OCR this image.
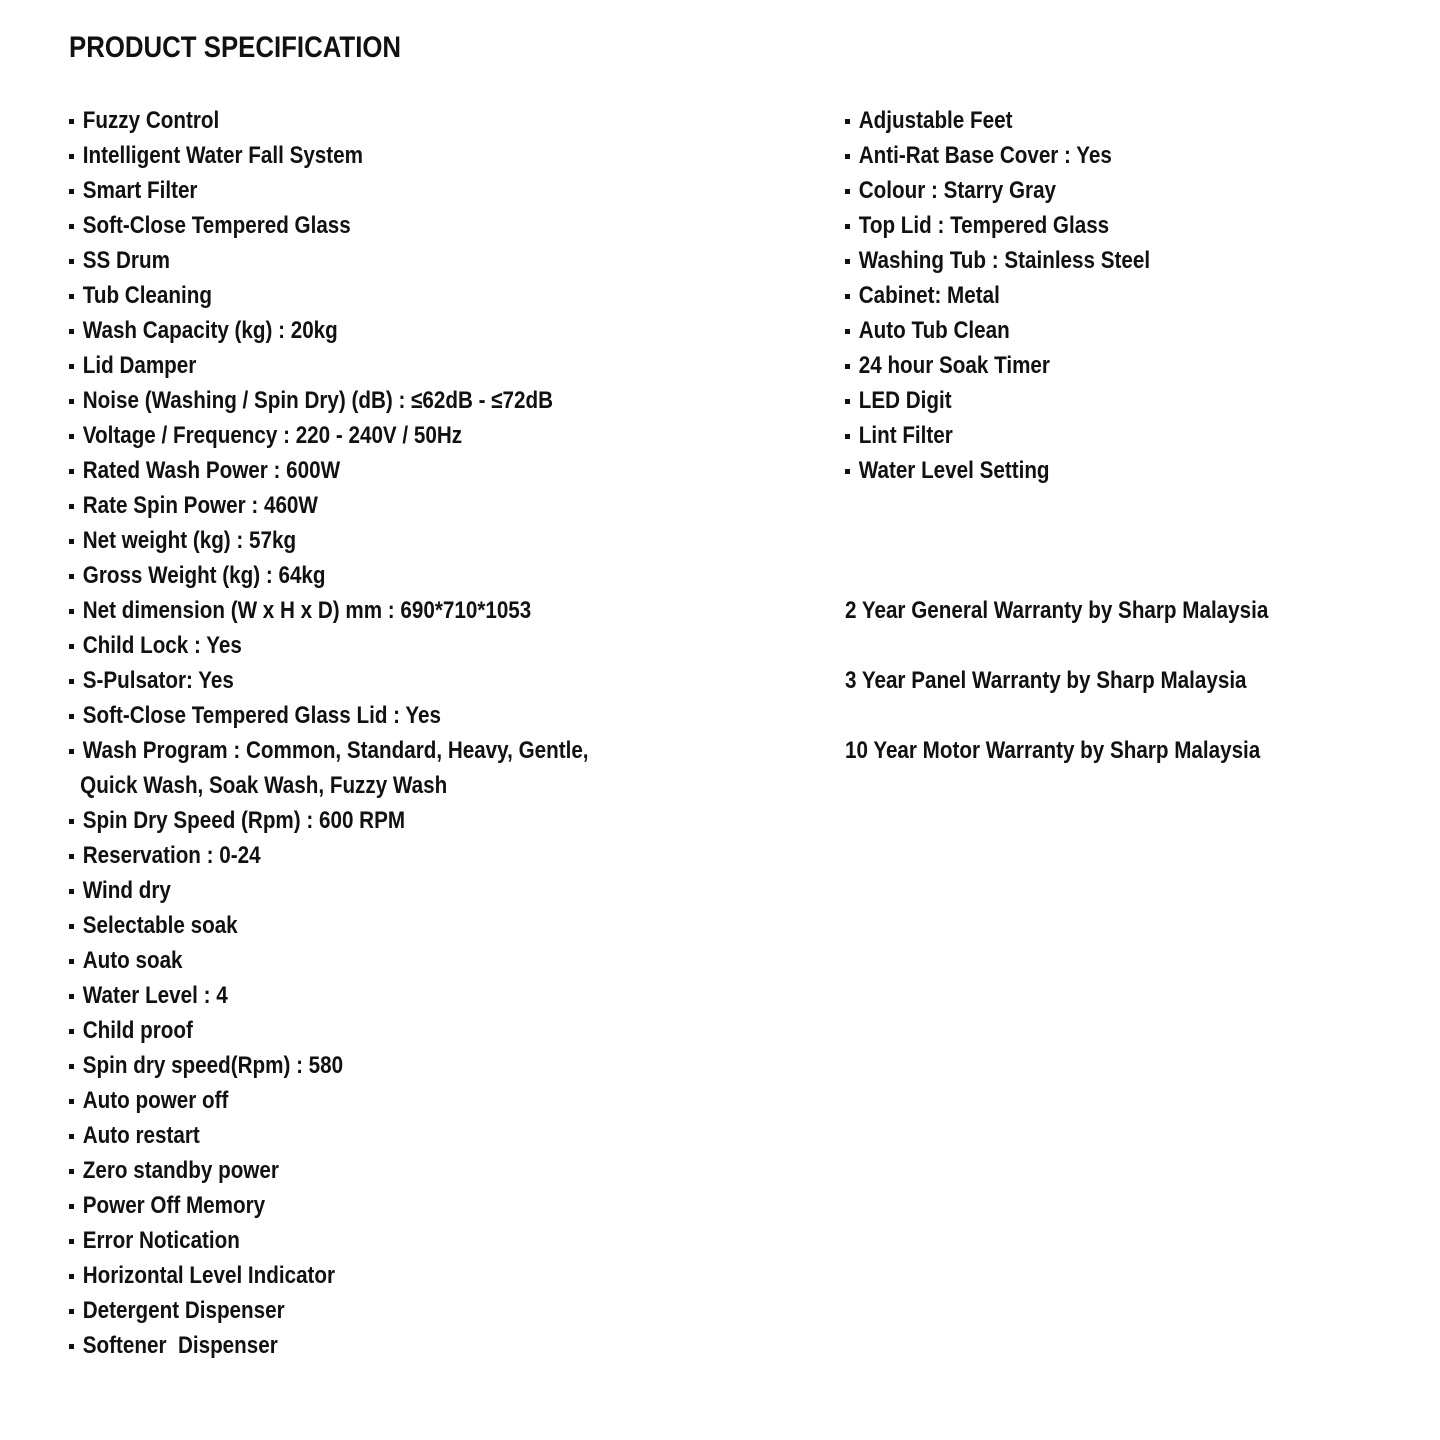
PRODUCT SPECIFICATION
Fuzzy Control
Intelligent Water Fall System
Smart Filter
Soft-Close Tempered Glass
SS Drum
Tub Cleaning
Wash Capacity (kg) : 20kg
Lid Damper
Noise (Washing / Spin Dry) (dB) : ≤62dB - ≤72dB
Voltage / Frequency : 220 - 240V / 50Hz
Rated Wash Power : 600W
Rate Spin Power : 460W
Net weight (kg) : 57kg
Gross Weight (kg) : 64kg
Net dimension (W x H x D) mm : 690*710*1053
Child Lock : Yes
S-Pulsator: Yes
Soft-Close Tempered Glass Lid : Yes
Wash Program : Common, Standard, Heavy, Gentle,
Quick Wash, Soak Wash, Fuzzy Wash
Spin Dry Speed (Rpm) : 600 RPM
Reservation : 0-24
Wind dry
Selectable soak
Auto soak
Water Level : 4
Child proof
Spin dry speed(Rpm) : 580
Auto power off
Auto restart
Zero standby power
Power Off Memory
Error Notication
Horizontal Level Indicator
Detergent Dispenser
Softener  Dispenser
Adjustable Feet
Anti-Rat Base Cover : Yes
Colour : Starry Gray
Top Lid : Tempered Glass
Washing Tub : Stainless Steel
Cabinet: Metal
Auto Tub Clean
24 hour Soak Timer
LED Digit
Lint Filter
Water Level Setting
2 Year General Warranty by Sharp Malaysia
3 Year Panel Warranty by Sharp Malaysia
10 Year Motor Warranty by Sharp Malaysia
